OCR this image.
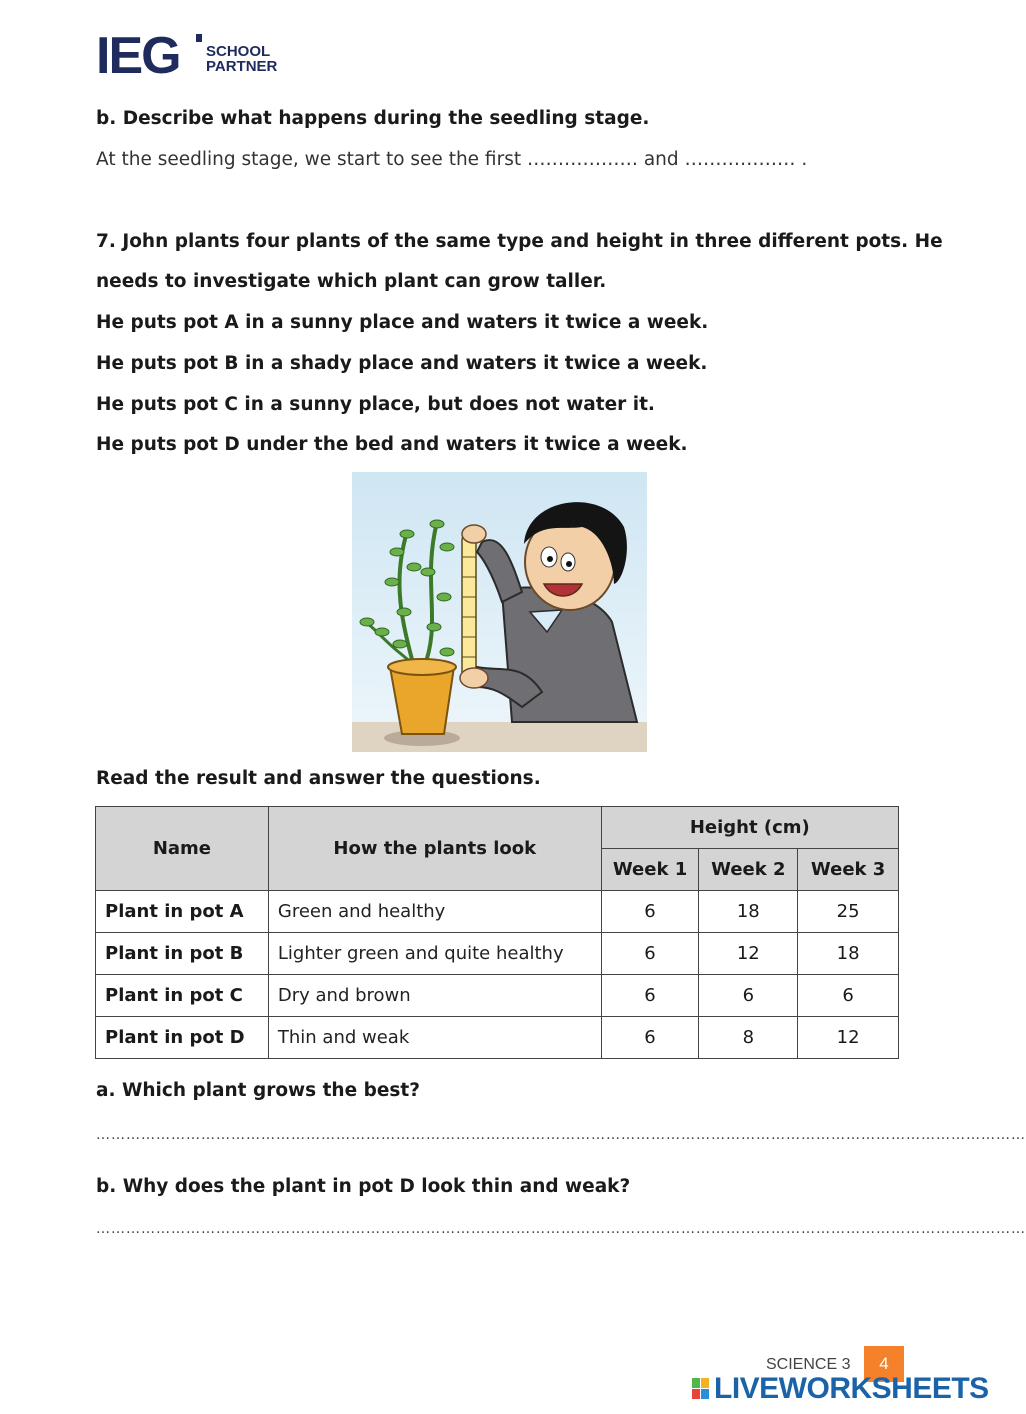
IEG SCHOOL
PARTNER
b. Describe what happens during the seedling stage.
At the seedling stage, we start to see the first ……………… and ……………… .
7. John plants four plants of the same type and height in three different pots. He
needs to investigate which plant can grow taller.
He puts pot A in a sunny place and waters it twice a week.
He puts pot B in a shady place and waters it twice a week.
He puts pot C in a sunny place, but does not water it.
He puts pot D under the bed and waters it twice a week.
Read the result and answer the questions.
Name	How the plants look	Height (cm)		
		Week 1	Week 2	Week 3
Plant in pot A	Green and healthy	6	18	25
Plant in pot B	Lighter green and quite healthy	6	12	18
Plant in pot C	Dry and brown	6	6	6
Plant in pot D	Thin and weak	6	8	12
a. Which plant grows the best?
……………………………………………………………………………………………………………………………………………………………………
b. Why does the plant in pot D look thin and weak?
……………………………………………………………………………………………………………………………………………………………………
SCIENCE 3	4
LIVEWORKSHEETS
